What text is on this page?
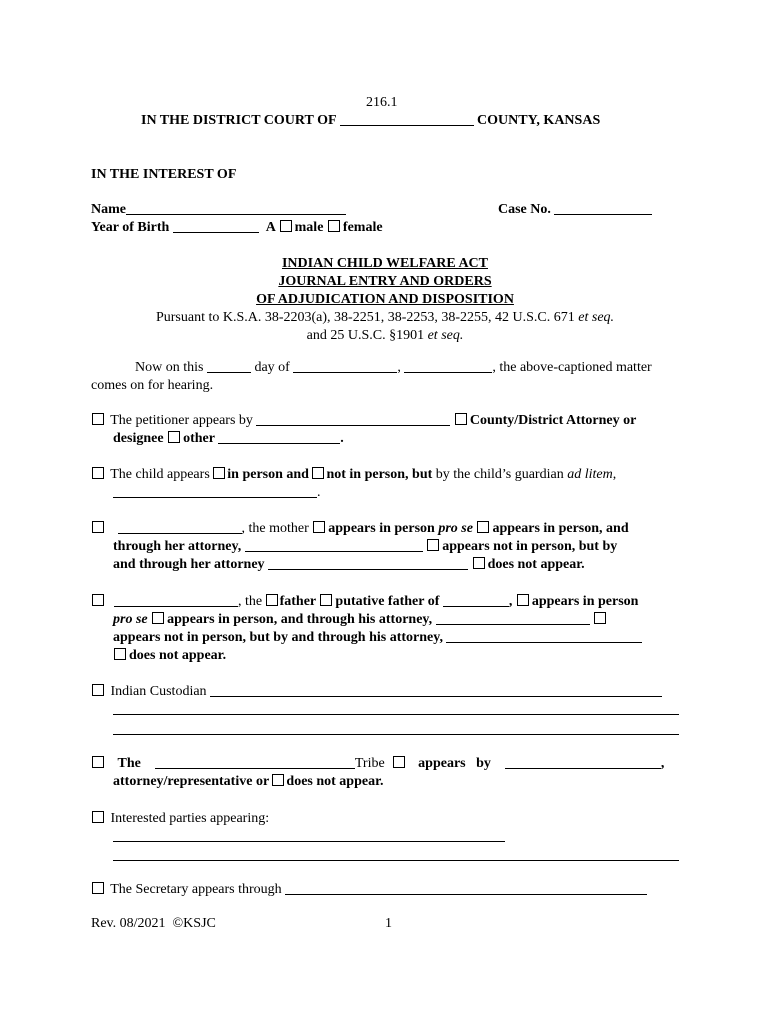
216.1
IN THE DISTRICT COURT OF	COUNTY, KANSAS
IN THE INTEREST OF
Name	Case No.
Year of Birth	A male female
INDIAN CHILD WELFARE ACT
JOURNAL ENTRY AND ORDERS
OF ADJUDICATION AND DISPOSITION
Pursuant to K.S.A. 38-2203(a), 38-2251, 38-2253, 38-2255, 42 U.S.C. 671 et seq.
and 25 U.S.C. §1901 et seq.
Now on this	day of	,	, the above-captioned matter
comes on for hearing.
The petitioner appears by	County/District Attorney or
designee other	.
The child appears in person and not in person, but by the child’s guardian ad litem,
.
, the mother appears in person pro se appears in person, and
through her attorney,	appears not in person, but by
and through her attorney	does not appear.
, the father putative father of	, appears in person
pro se appears in person, and through his attorney,
appears not in person, but by and through his attorney,
does not appear.
Indian Custodian
The	Tribe appears   by	,
attorney/representative or does not appear.
Interested parties appearing:
The Secretary appears through
Rev. 08/2021  ©KSJC	1
